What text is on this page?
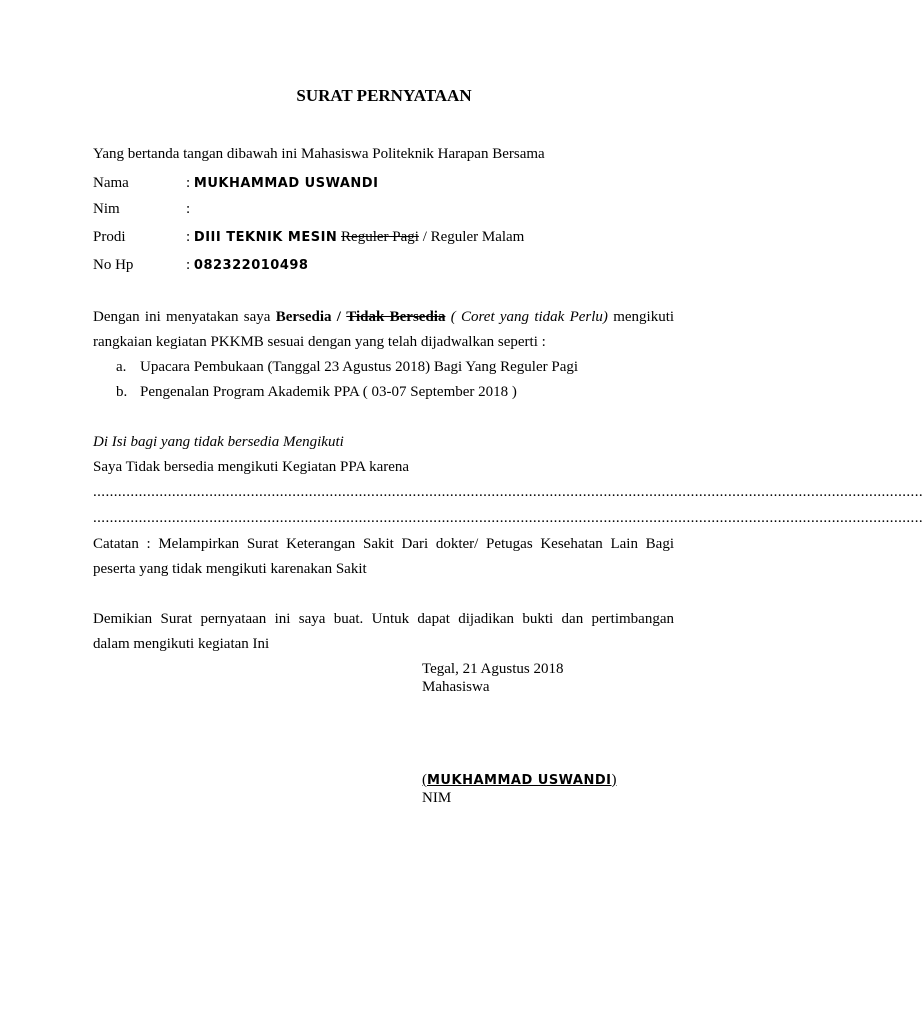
SURAT PERNYATAAN
Yang bertanda tangan dibawah ini Mahasiswa Politeknik Harapan Bersama
Nama	: MUKHAMMAD USWANDI
Nim	:
Prodi	: DIII TEKNIK MESIN Reguler Pagi / Reguler Malam
No Hp	: 082322010498
Dengan ini menyatakan saya Bersedia / Tidak Bersedia ( Coret yang tidak Perlu) mengikuti
rangkaian kegiatan PKKMB sesuai dengan yang telah dijadwalkan seperti :
a. Upacara Pembukaan (Tanggal 23 Agustus 2018) Bagi Yang Reguler Pagi
b. Pengenalan Program Akademik PPA ( 03-07 September 2018 )
Di Isi bagi yang tidak bersedia Mengikuti
Saya Tidak bersedia mengikuti Kegiatan PPA karena
........................................................................................................................................................................................................
........................................................................................................................................................................................................
Catatan : Melampirkan Surat Keterangan Sakit Dari dokter/ Petugas Kesehatan Lain Bagi
peserta yang tidak mengikuti karenakan Sakit
Demikian Surat pernyataan ini saya buat. Untuk dapat dijadikan bukti dan pertimbangan
dalam mengikuti kegiatan Ini
Tegal, 21 Agustus 2018
Mahasiswa
(MUKHAMMAD USWANDI)
NIM
